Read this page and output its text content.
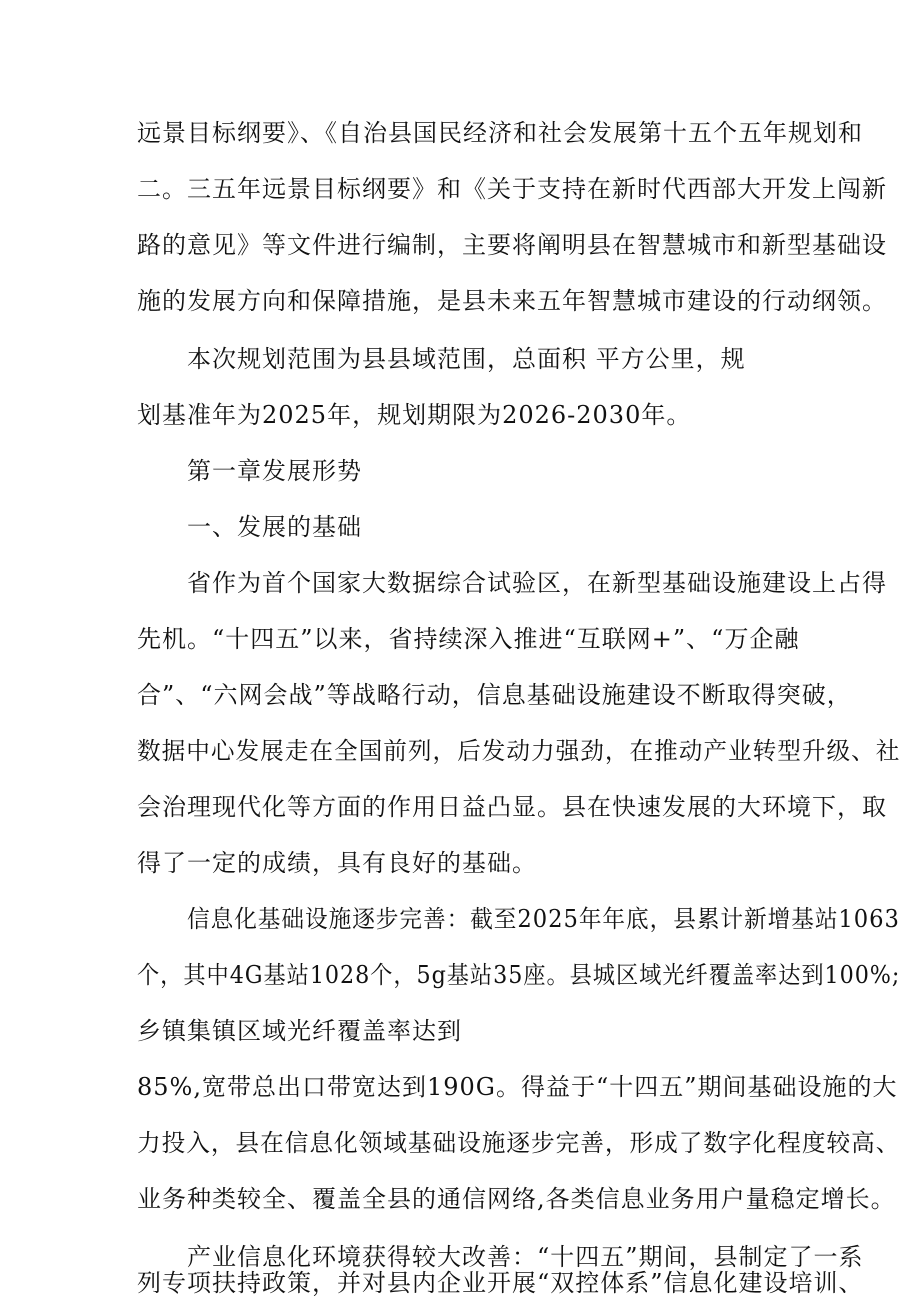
远景目标纲要》、《自治县国民经济和社会发展第十五个五年规划和
二。三五年远景目标纲要》和《关于支持在新时代西部大开发上闯新
路的意见》等文件进行编制，主要将阐明县在智慧城市和新型基础设
施的发展方向和保障措施，是县未来五年智慧城市建设的行动纲领。
本次规划范围为县县域范围，总面积 平方公里，规
划基准年为2025年，规划期限为2026-2030年。
第一章发展形势
一、发展的基础
省作为首个国家大数据综合试验区，在新型基础设施建设上占得
先机。“十四五”以来，省持续深入推进“互联网+”、“万企融
合”、“六网会战”等战略行动，信息基础设施建设不断取得突破，
数据中心发展走在全国前列，后发动力强劲，在推动产业转型升级、社
会治理现代化等方面的作用日益凸显。县在快速发展的大环境下，取
得了一定的成绩，具有良好的基础。
信息化基础设施逐步完善：截至2025年年底，县累计新增基站1063
个，其中4G基站1028个，5g基站35座。县城区域光纤覆盖率达到100%;
乡镇集镇区域光纤覆盖率达到
85%,宽带总出口带宽达到190G。得益于“十四五”期间基础设施的大
力投入，县在信息化领域基础设施逐步完善，形成了数字化程度较高、
业务种类较全、覆盖全县的通信网络,各类信息业务用户量稳定增长。
产业信息化环境获得较大改善：“十四五”期间，县制定了一系
列专项扶持政策，并对县内企业开展“双控体系”信息化建设培训、
